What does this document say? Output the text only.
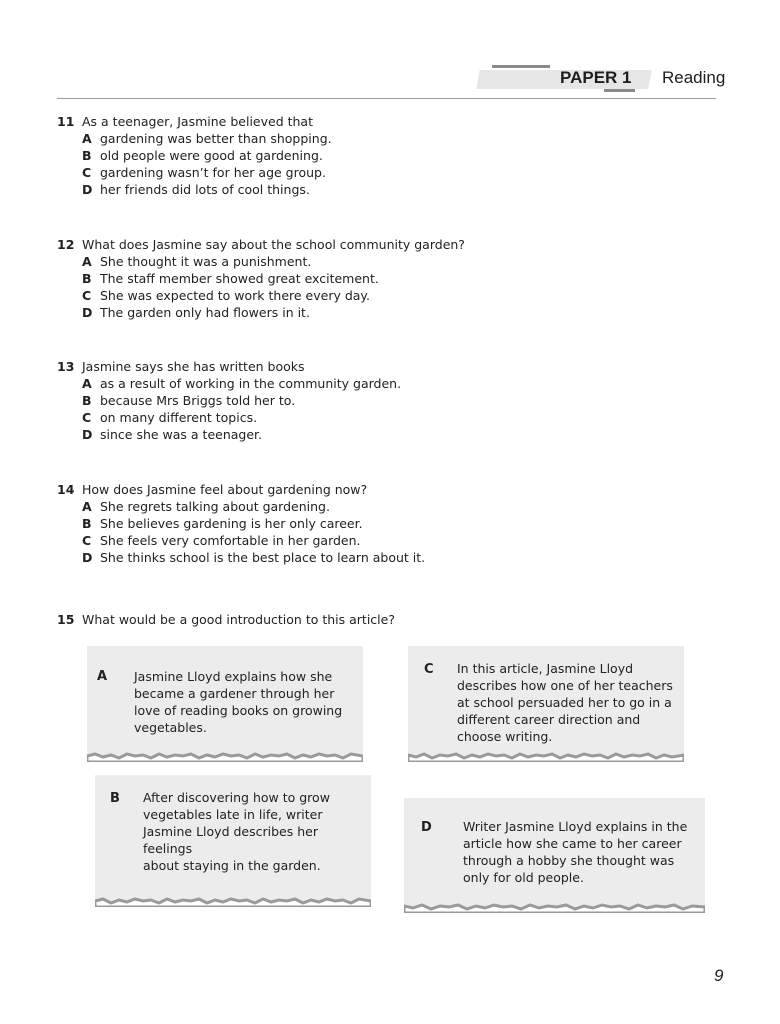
PAPER 1 Reading
11 As a teenager, Jasmine believed that
A gardening was better than shopping.
B old people were good at gardening.
C gardening wasn’t for her age group.
D her friends did lots of cool things.
12 What does Jasmine say about the school community garden?
A She thought it was a punishment.
B The staff member showed great excitement.
C She was expected to work there every day.
D The garden only had flowers in it.
13 Jasmine says she has written books
A as a result of working in the community garden.
B because Mrs Briggs told her to.
C on many different topics.
D since she was a teenager.
14 How does Jasmine feel about gardening now?
A She regrets talking about gardening.
B She believes gardening is her only career.
C She feels very comfortable in her garden.
D She thinks school is the best place to learn about it.
15 What would be a good introduction to this article?
A Jasmine Lloyd explains how she
became a gardener through her
love of reading books on growing
vegetables.
C In this article, Jasmine Lloyd
describes how one of her teachers
at school persuaded her to go in a
different career direction and
choose writing.
B After discovering how to grow
vegetables late in life, writer
Jasmine Lloyd describes her feelings
about staying in the garden.
D Writer Jasmine Lloyd explains in the
article how she came to her career
through a hobby she thought was
only for old people.
9
